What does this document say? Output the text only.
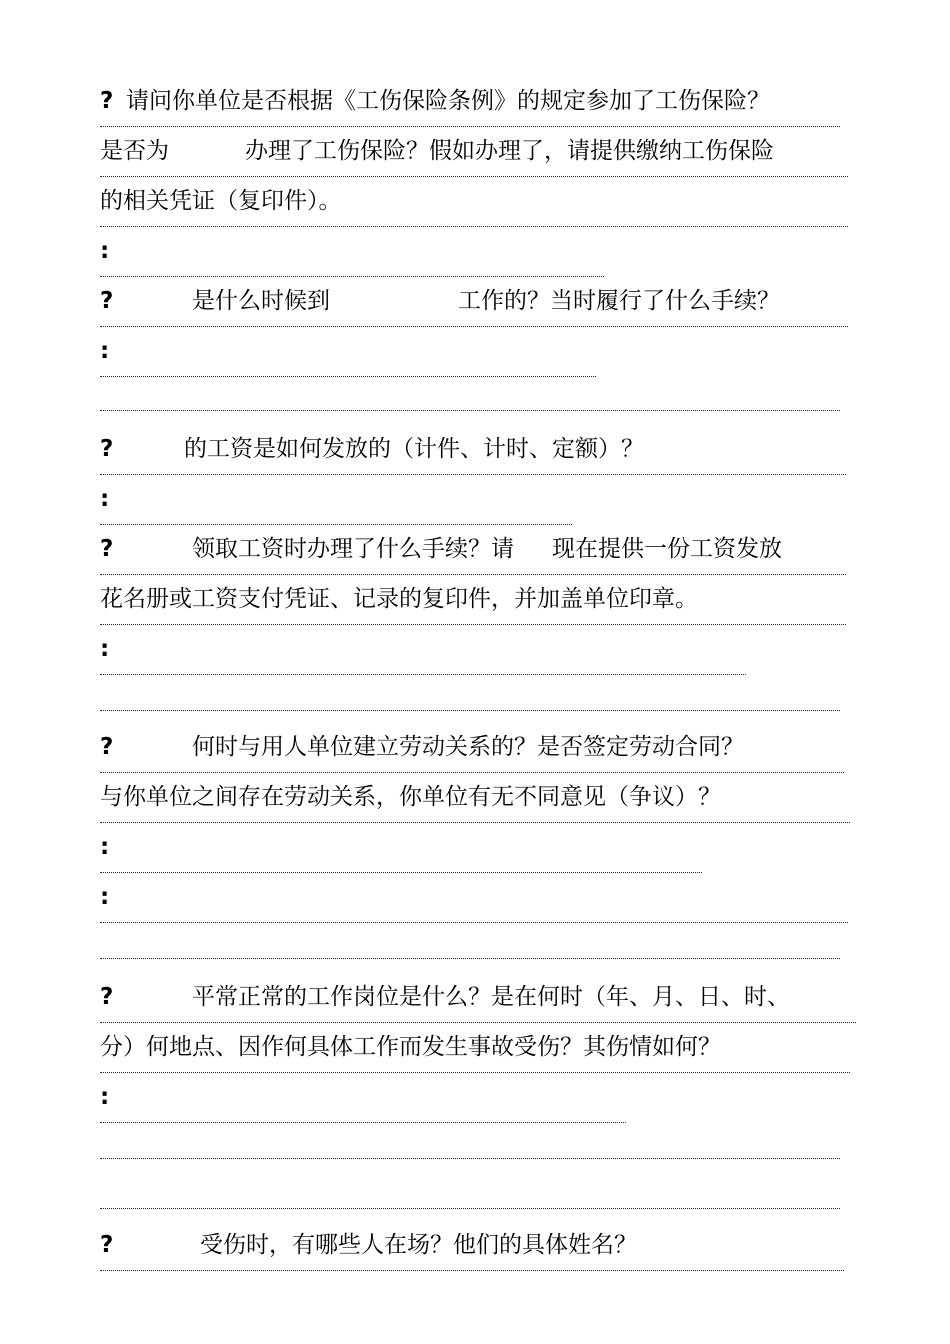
? 请问你单位是否根据《工伤保险条例》的规定参加了工伤保险？
是否为	办理了工伤保险？假如办理了，请提供缴纳工伤保险
的相关凭证（复印件）。
:
?	是什么时候到	工作的？当时履行了什么手续？
:
?	的工资是如何发放的（计件、计时、定额）？
:
?	领取工资时办理了什么手续？请 现在提供一份工资发放
花名册或工资支付凭证、记录的复印件，并加盖单位印章。
:
?	何时与用人单位建立劳动关系的？是否签定劳动合同？
与你单位之间存在劳动关系，你单位有无不同意见（争议）？
:
:
?	平常正常的工作岗位是什么？是在何时（年、月、日、时、
分）何地点、因作何具体工作而发生事故受伤？其伤情如何？
:
?	受伤时，有哪些人在场？他们的具体姓名？
